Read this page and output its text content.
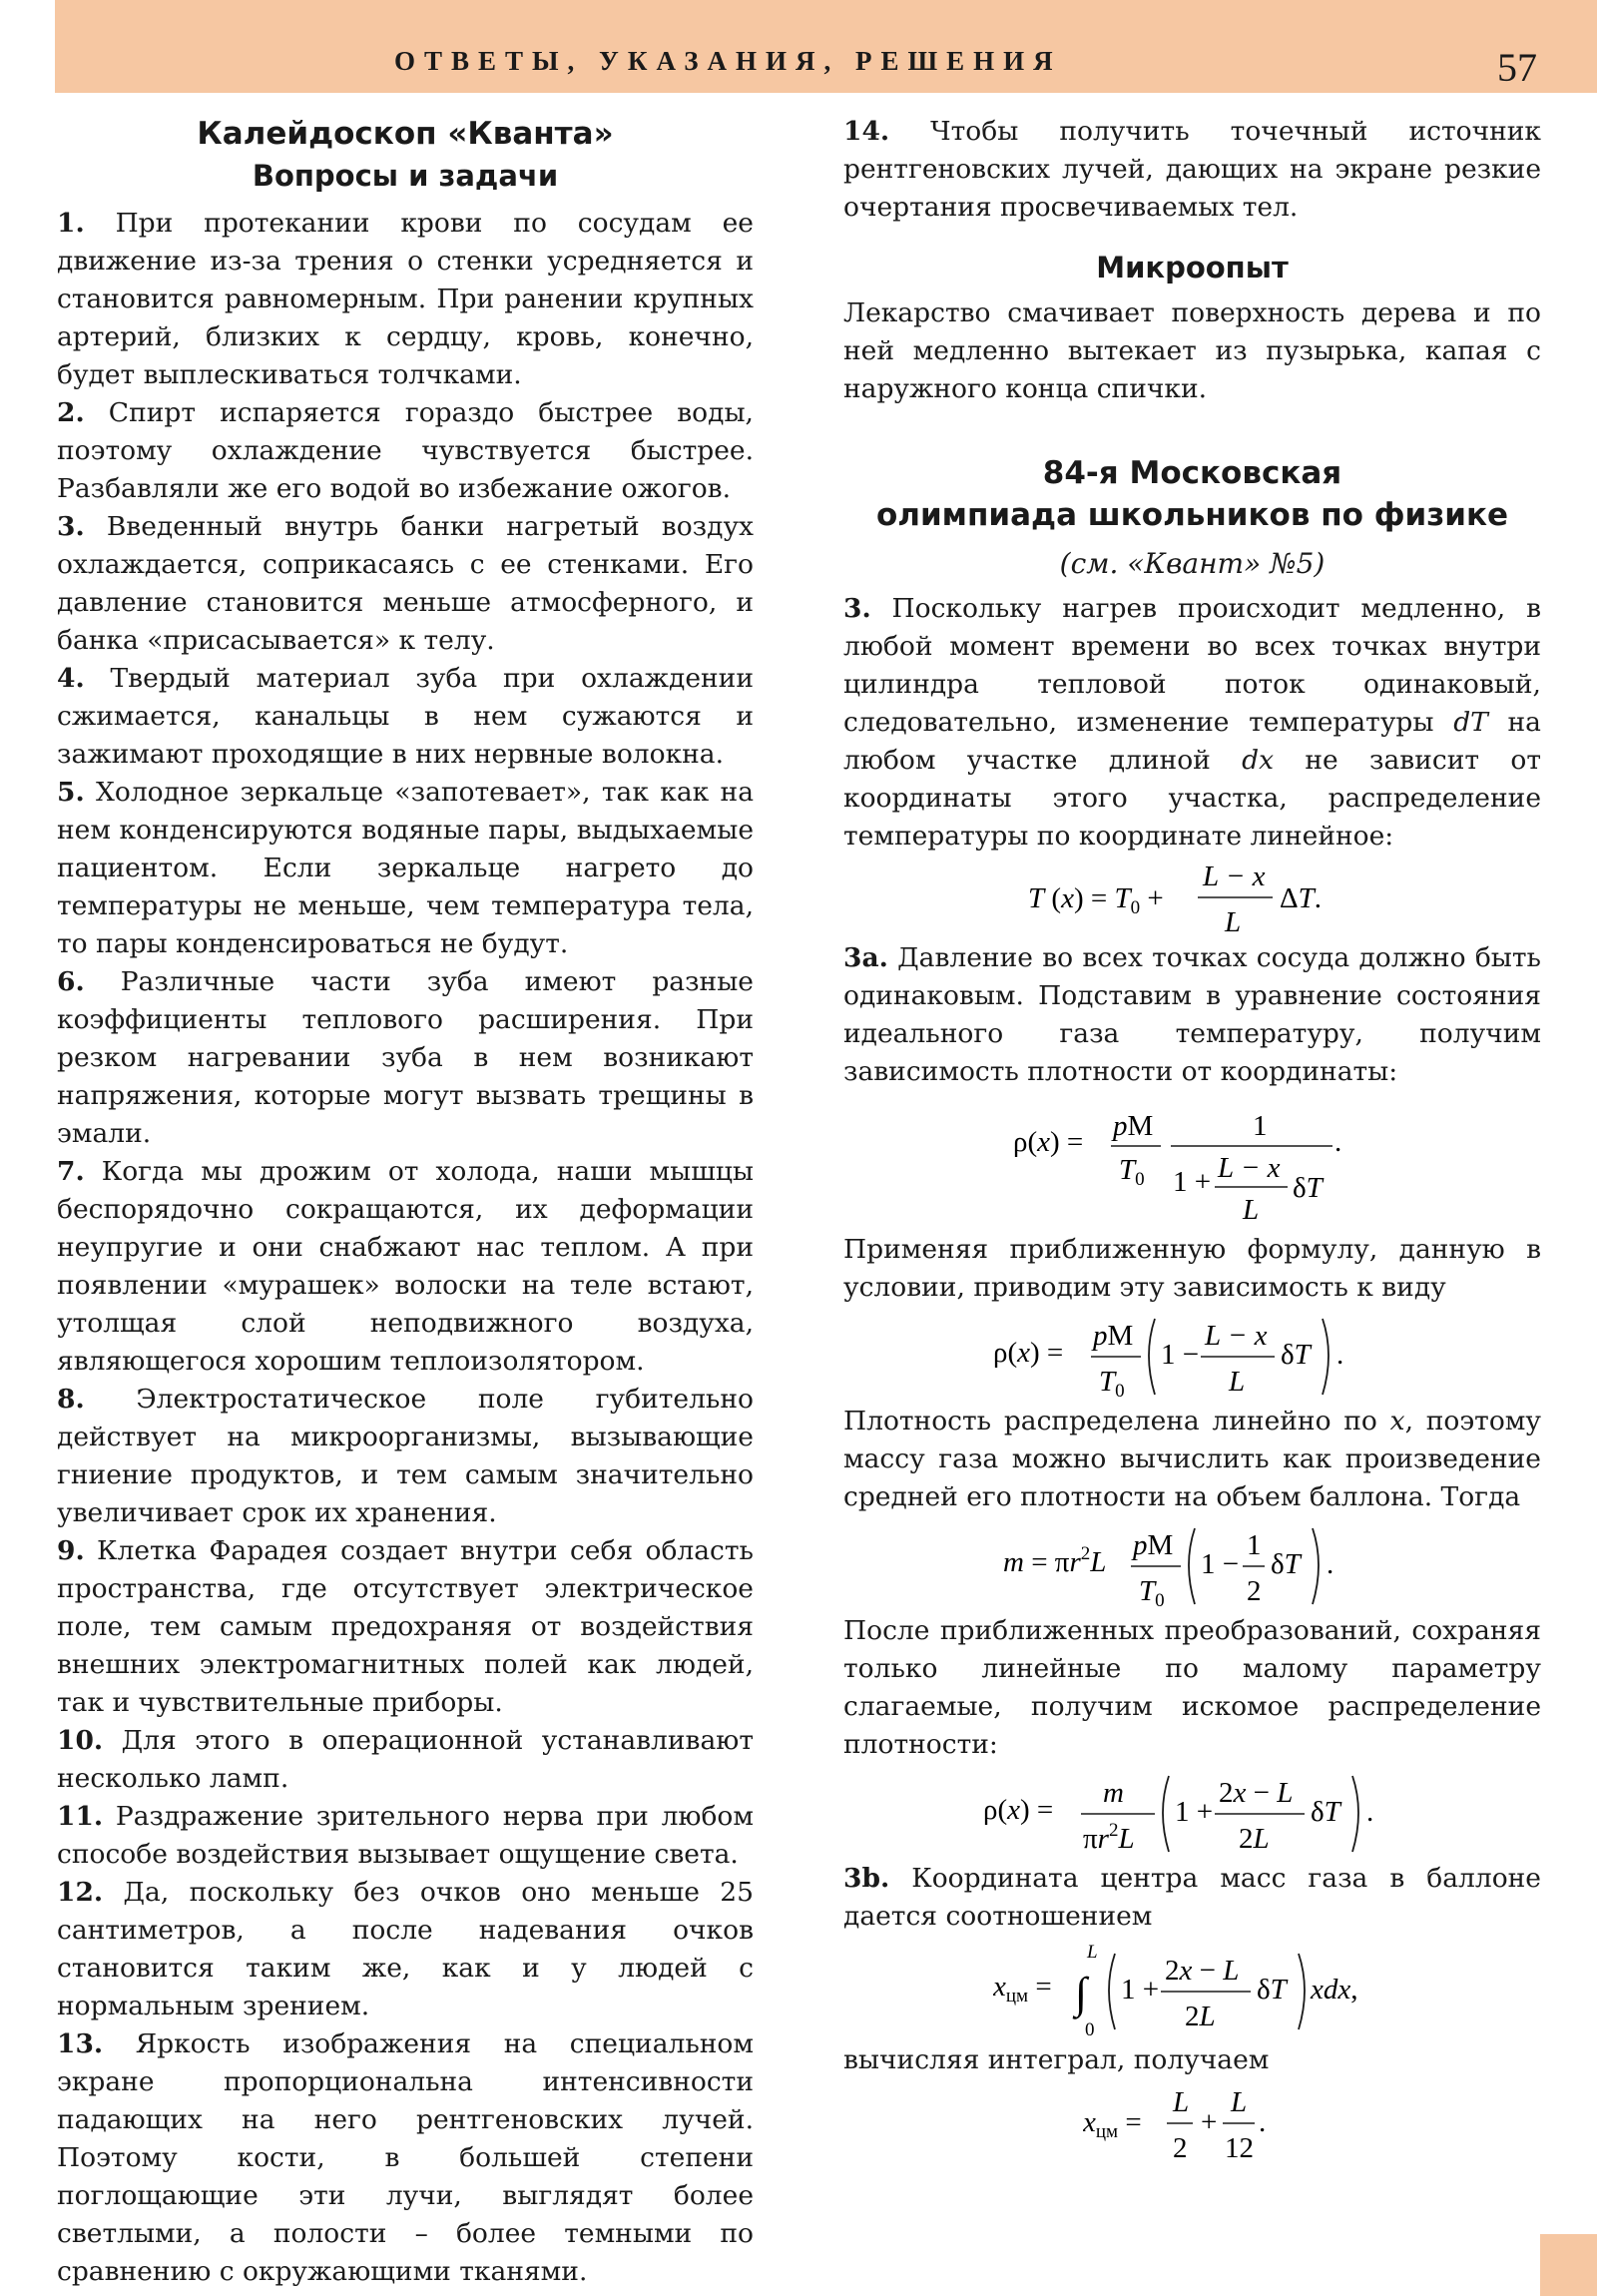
ОТВЕТЫ, УКАЗАНИЯ, РЕШЕНИЯ	57

Калейдоскоп «Кванта»

Вопросы и задачи

1. При протекании крови по сосудам ее движение из-за трения о стенки усредняется и становится равномерным. При ранении крупных артерий, близких к сердцу, кровь, конечно, будет выплескиваться толчками.

2. Спирт испаряется гораздо быстрее воды, поэтому охлаждение чувствуется быстрее. Разбавляли же его водой во избежание ожогов.

3. Введенный внутрь банки нагретый воздух охлаждается, соприкасаясь с ее стенками. Его давление становится меньше атмосферного, и банка «присасывается» к телу.

4. Твердый материал зуба при охлаждении сжимается, канальцы в нем сужаются и зажимают проходящие в них нервные волокна.

5. Холодное зеркальце «запотевает», так как на нем конденсируются водяные пары, выдыхаемые пациентом. Если зеркальце нагрето до температуры не меньше, чем температура тела, то пары конденсироваться не будут.

6. Различные части зуба имеют разные коэффициенты теплового расширения. При резком нагревании зуба в нем возникают напряжения, которые могут вызвать трещины в эмали.

7. Когда мы дрожим от холода, наши мышцы беспорядочно сокращаются, их деформации неупругие и они снабжают нас теплом. А при появлении «мурашек» волоски на теле встают, утолщая слой неподвижного воздуха, являющегося хорошим теплоизолятором.

8. Электростатическое поле губительно действует на микроорганизмы, вызывающие гниение продуктов, и тем самым значительно увеличивает срок их хранения.

9. Клетка Фарадея создает внутри себя область пространства, где отсутствует электрическое поле, тем самым предохраняя от воздействия внешних электромагнитных полей как людей, так и чувствительные приборы.

10. Для этого в операционной устанавливают несколько ламп.

11. Раздражение зрительного нерва при любом способе воздействия вызывает ощущение света.

12. Да, поскольку без очков оно меньше 25 сантиметров, а после надевания очков становится таким же, как и у людей с нормальным зрением.

13. Яркость изображения на специальном экране пропорциональна интенсивности падающих на него рентгеновских лучей. Поэтому кости, в большей степени поглощающие эти лучи, выглядят более светлыми, а полости – более темными по сравнению с окружающими тканями.

14. Чтобы получить точечный источник рентгеновских лучей, дающих на экране резкие очертания просвечиваемых тел.

Микроопыт

Лекарство смачивает поверхность дерева и по ней медленно вытекает из пузырька, капая с наружного конца спички.

84-я Московская

олимпиада школьников по физике

(см. «Квант» №5)

3. Поскольку нагрев происходит медленно, в любой момент времени во всех точках внутри цилиндра тепловой поток одинаковый, следовательно, изменение температуры dT на любом участке длиной dx не зависит от координаты этого участка, распределение температуры по координате линейное:

T $(x) = T_0$ +
L − x
L
ΔT.

3a. Давление во всех точках сосуда должно быть одинаковым. Подставим в уравнение состояния идеального газа температуру, получим зависимость плотности от координаты:

ρ(x) = pM
$T_0$
1
1 + L − x
L
δT
.

Применяя приближенную формулу, данную в условии, приводим эту зависимость к виду

ρ(x) =
pM
$T_0$
1 −
L − x
L
δT .

Плотность распределена линейно по x, поэтому массу газа можно вычислить как произведение средней его плотности на объем баллона. Тогда

$m = \pi r^2L$
pM
$T_0$
1 −
1
2
δT .

После приближенных преобразований, сохраняя только линейные по малому параметру слагаемые, получим искомое распределение плотности:

ρ(x) =
m
$\pi r^2L$
1 +
2x − L
2L
δT .

3b. Координата центра масс газа в баллоне дается соотношением

$x_{цм}$ = ∫
L
0
1 +
2x − L
2L
δT xdx,

вычисляя интеграл, получаем

$x_{цм}$ =
L
2
+
L
12
.
